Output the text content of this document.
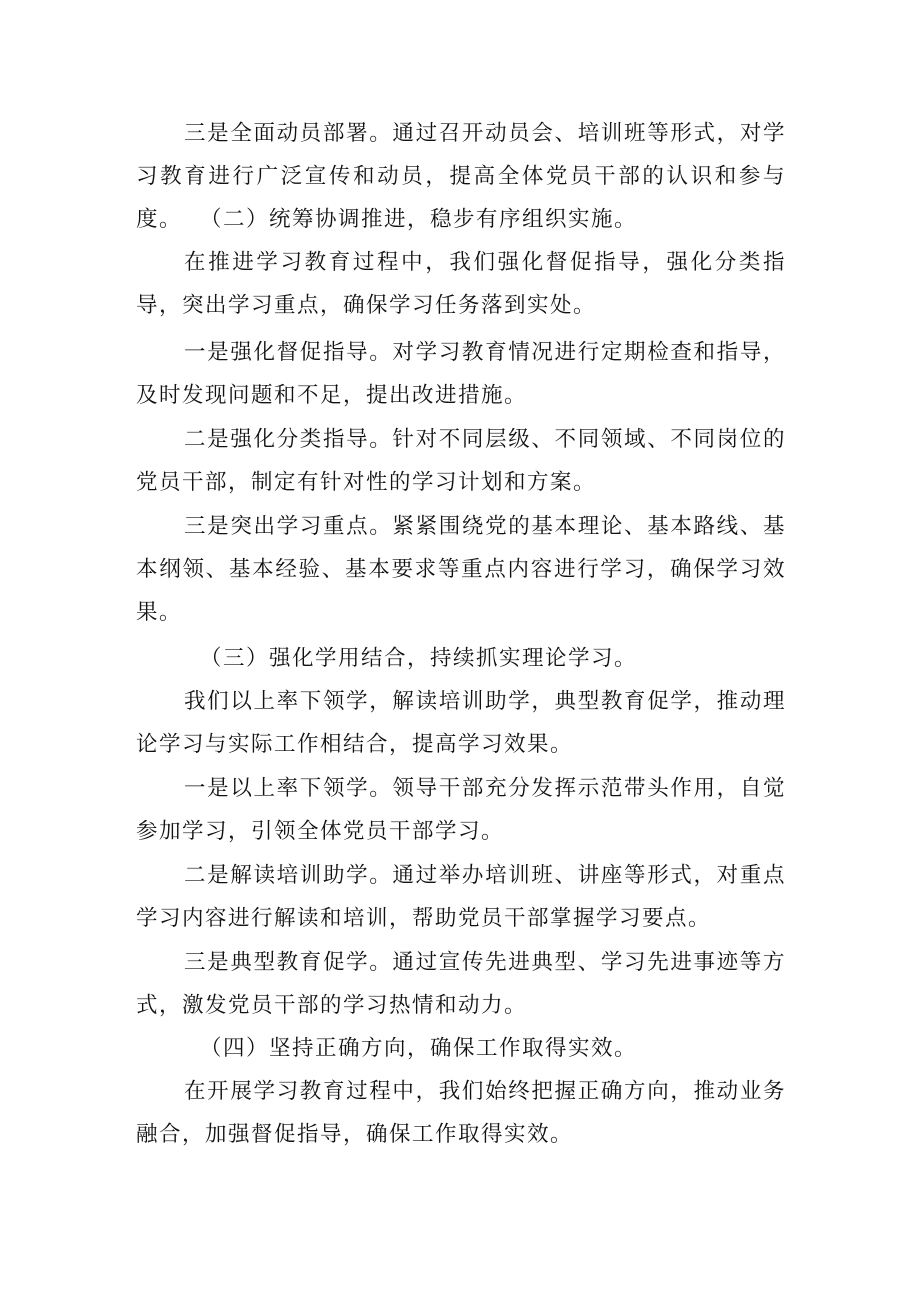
三是全面动员部署。通过召开动员会、培训班等形式，对学习教育进行广泛宣传和动员，提高全体党员干部的认识和参与度。 （二）统筹协调推进，稳步有序组织实施。

在推进学习教育过程中，我们强化督促指导，强化分类指导，突出学习重点，确保学习任务落到实处。

一是强化督促指导。对学习教育情况进行定期检查和指导，及时发现问题和不足，提出改进措施。

二是强化分类指导。针对不同层级、不同领域、不同岗位的党员干部，制定有针对性的学习计划和方案。

三是突出学习重点。紧紧围绕党的基本理论、基本路线、基本纲领、基本经验、基本要求等重点内容进行学习，确保学习效果。

（三）强化学用结合，持续抓实理论学习。

我们以上率下领学，解读培训助学，典型教育促学，推动理论学习与实际工作相结合，提高学习效果。

一是以上率下领学。领导干部充分发挥示范带头作用，自觉参加学习，引领全体党员干部学习。

二是解读培训助学。通过举办培训班、讲座等形式，对重点学习内容进行解读和培训，帮助党员干部掌握学习要点。

三是典型教育促学。通过宣传先进典型、学习先进事迹等方式，激发党员干部的学习热情和动力。

（四）坚持正确方向，确保工作取得实效。

在开展学习教育过程中，我们始终把握正确方向，推动业务融合，加强督促指导，确保工作取得实效。
